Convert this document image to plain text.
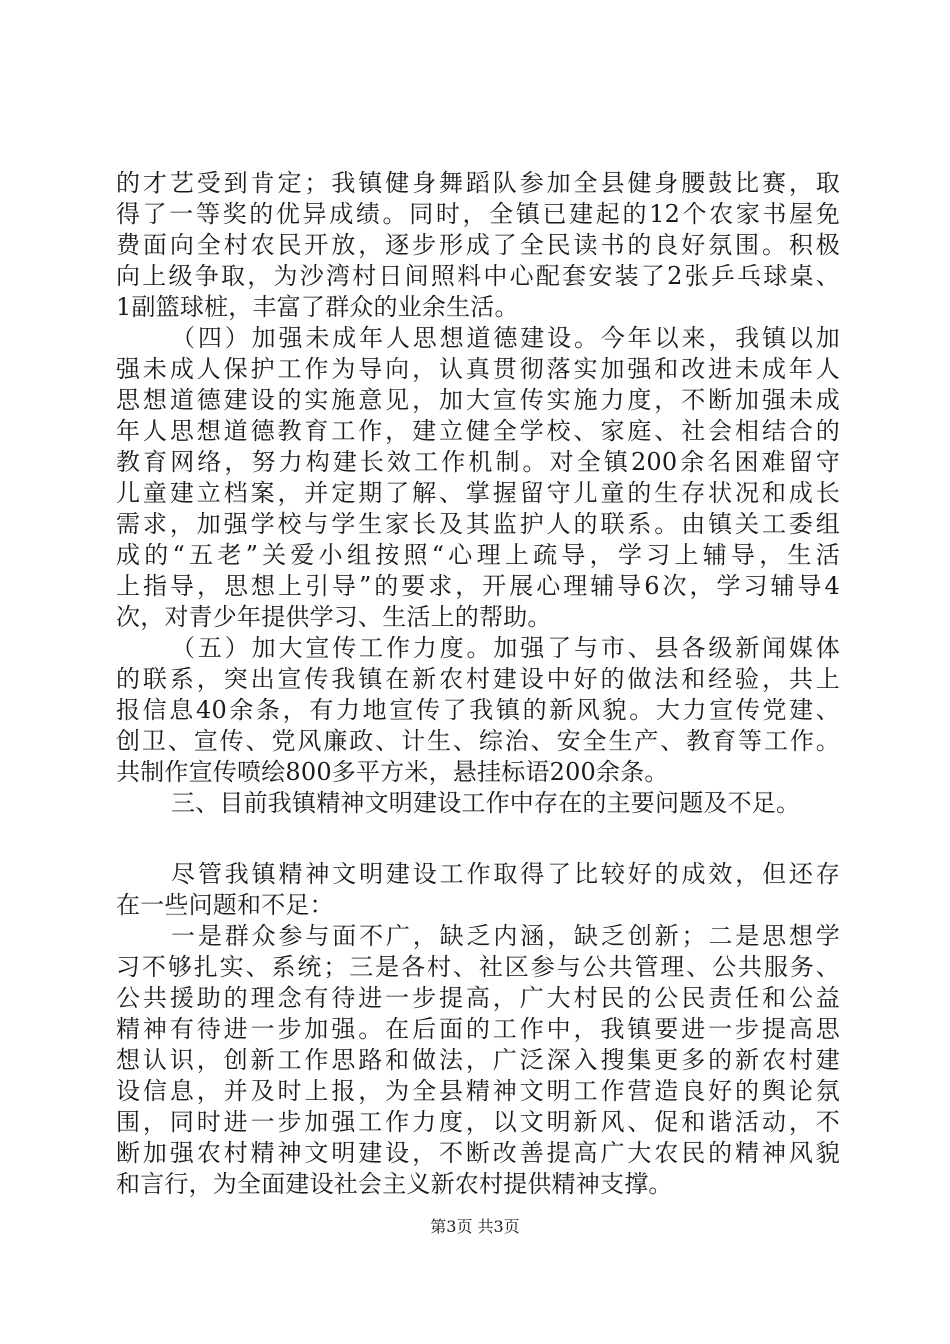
的才艺受到肯定；我镇健身舞蹈队参加全县健身腰鼓比赛，取
得了一等奖的优异成绩。同时，全镇已建起的12个农家书屋免
费面向全村农民开放，逐步形成了全民读书的良好氛围。积极
向上级争取，为沙湾村日间照料中心配套安装了2张乒乓球桌、
1副篮球桩，丰富了群众的业余生活。
（四）加强未成年人思想道德建设。今年以来，我镇以加
强未成人保护工作为导向，认真贯彻落实加强和改进未成年人
思想道德建设的实施意见，加大宣传实施力度，不断加强未成
年人思想道德教育工作，建立健全学校、家庭、社会相结合的
教育网络，努力构建长效工作机制。对全镇200余名困难留守
儿童建立档案，并定期了解、掌握留守儿童的生存状况和成长
需求，加强学校与学生家长及其监护人的联系。由镇关工委组
成的“五老”关爱小组按照“心理上疏导，学习上辅导，生活
上指导，思想上引导”的要求，开展心理辅导6次，学习辅导4
次，对青少年提供学习、生活上的帮助。
（五）加大宣传工作力度。加强了与市、县各级新闻媒体
的联系，突出宣传我镇在新农村建设中好的做法和经验，共上
报信息40余条，有力地宣传了我镇的新风貌。大力宣传党建、
创卫、宣传、党风廉政、计生、综治、安全生产、教育等工作。
共制作宣传喷绘800多平方米，悬挂标语200余条。
三、目前我镇精神文明建设工作中存在的主要问题及不足。
尽管我镇精神文明建设工作取得了比较好的成效，但还存
在一些问题和不足：
一是群众参与面不广，缺乏内涵，缺乏创新；二是思想学
习不够扎实、系统；三是各村、社区参与公共管理、公共服务、
公共援助的理念有待进一步提高，广大村民的公民责任和公益
精神有待进一步加强。在后面的工作中，我镇要进一步提高思
想认识，创新工作思路和做法，广泛深入搜集更多的新农村建
设信息，并及时上报，为全县精神文明工作营造良好的舆论氛
围，同时进一步加强工作力度，以文明新风、促和谐活动，不
断加强农村精神文明建设，不断改善提高广大农民的精神风貌
和言行，为全面建设社会主义新农村提供精神支撑。
第3页 共3页
